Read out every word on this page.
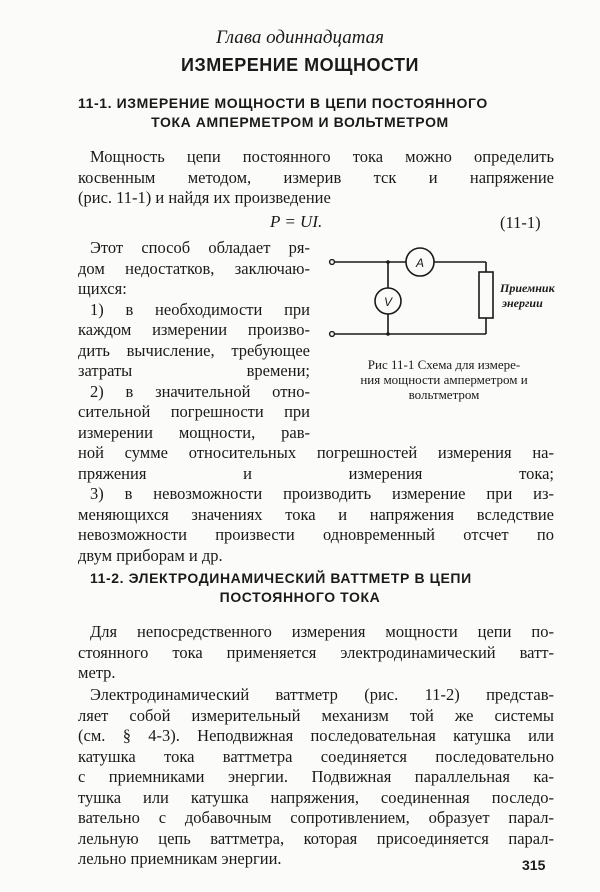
Глава одиннадцатая
ИЗМЕРЕНИЕ МОЩНОСТИ
11-1. ИЗМЕРЕНИЕ МОЩНОСТИ В ЦЕПИ ПОСТОЯННОГО
ТОКА АМПЕРМЕТРОМ И ВОЛЬТМЕТРОМ
Мощность цепи постоянного тока можно определить
косвенным методом, измерив тск и напряжение
(рис. 11-1) и найдя их произведение
P = UI.	(11-1)
Этот способ обладает ря-
дом недостатков, заключаю-
щихся:
1) в необходимости при
каждом измерении произво-
дить вычисление, требующее
затраты времени;
2) в значительной отно-
сительной погрешности при
измерении мощности, рав-
A
V
Приемник
энергии
Рис 11-1 Схема для измере-
ния мощности амперметром и
вольтметром
ной сумме относительных погрешностей измерения на-
пряжения и измерения тока;
3) в невозможности производить измерение при из-
меняющихся значениях тока и напряжения вследствие
невозможности произвести одновременный отсчет по
двум приборам и др.
11-2. ЭЛЕКТРОДИНАМИЧЕСКИЙ ВАТТМЕТР В ЦЕПИ
ПОСТОЯННОГО ТОКА
Для непосредственного измерения мощности цепи по-
стоянного тока применяется электродинамический ватт-
метр.
Электродинамический ваттметр (рис. 11-2) представ-
ляет собой измерительный механизм той же системы
(см. § 4-3). Неподвижная последовательная катушка или
катушка тока ваттметра соединяется последовательно
с приемниками энергии. Подвижная параллельная ка-
тушка или катушка напряжения, соединенная последо-
вательно с добавочным сопротивлением, образует парал-
лельную цепь ваттметра, которая присоединяется парал-
лельно приемникам энергии.	315
